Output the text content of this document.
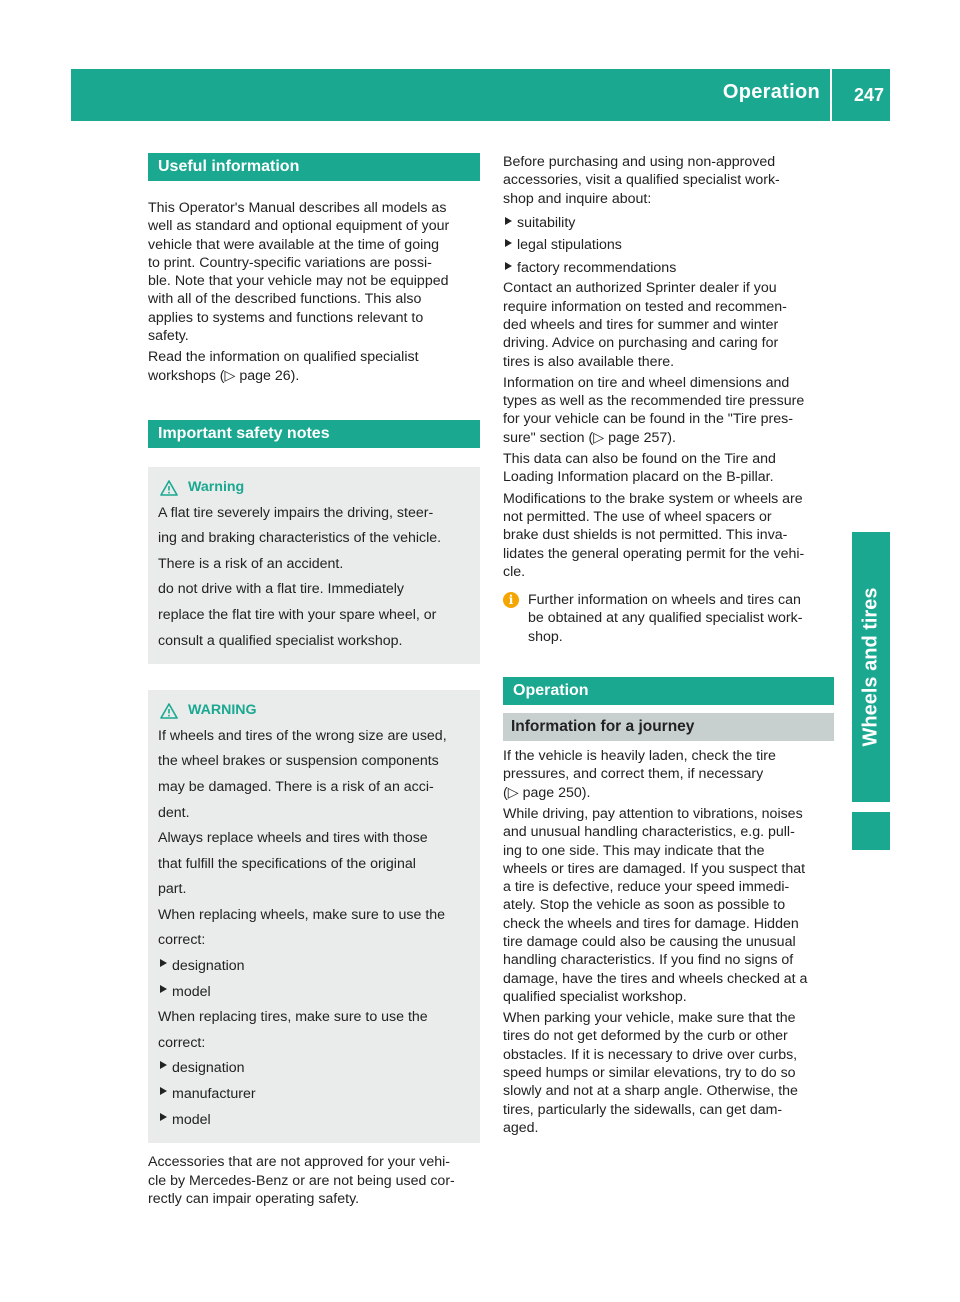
Operation 247
Wheels and tires
Useful information

This Operator's Manual describes all models as
well as standard and optional equipment of your
vehicle that were available at the time of going
to print. Country-specific variations are possi-
ble. Note that your vehicle may not be equipped
with all of the described functions. This also
applies to systems and functions relevant to
safety.

Read the information on qualified specialist
workshops (▷ page 26).

Important safety notes
Warning
A flat tire severely impairs the driving, steer-
ing and braking characteristics of the vehicle.
There is a risk of an accident.
do not drive with a flat tire. Immediately
replace the flat tire with your spare wheel, or
consult a qualified specialist workshop.
WARNING
If wheels and tires of the wrong size are used,
the wheel brakes or suspension components
may be damaged. There is a risk of an acci-
dent.
Always replace wheels and tires with those
that fulfill the specifications of the original
part.
When replacing wheels, make sure to use the
correct:
designation
model
When replacing tires, make sure to use the
correct:
designation
manufacturer
model

Accessories that are not approved for your vehi-
cle by Mercedes-Benz or are not being used cor-
rectly can impair operating safety.

Before purchasing and using non-approved
accessories, visit a qualified specialist work-
shop and inquire about:

suitability
legal stipulations
factory recommendations

Contact an authorized Sprinter dealer if you
require information on tested and recommen-
ded wheels and tires for summer and winter
driving. Advice on purchasing and caring for
tires is also available there.

Information on tire and wheel dimensions and
types as well as the recommended tire pressure
for your vehicle can be found in the "Tire pres-
sure" section (▷ page 257).

This data can also be found on the Tire and
Loading Information placard on the B-pillar.

Modifications to the brake system or wheels are
not permitted. The use of wheel spacers or
brake dust shields is not permitted. This inva-
lidates the general operating permit for the vehi-
cle.

i	Further information on wheels and tires can
be obtained at any qualified specialist work-
shop.
Operation
Information for a journey

If the vehicle is heavily laden, check the tire
pressures, and correct them, if necessary
(▷ page 250).

While driving, pay attention to vibrations, noises
and unusual handling characteristics, e.g. pull-
ing to one side. This may indicate that the
wheels or tires are damaged. If you suspect that
a tire is defective, reduce your speed immedi-
ately. Stop the vehicle as soon as possible to
check the wheels and tires for damage. Hidden
tire damage could also be causing the unusual
handling characteristics. If you find no signs of
damage, have the tires and wheels checked at a
qualified specialist workshop.

When parking your vehicle, make sure that the
tires do not get deformed by the curb or other
obstacles. If it is necessary to drive over curbs,
speed humps or similar elevations, try to do so
slowly and not at a sharp angle. Otherwise, the
tires, particularly the sidewalls, can get dam-
aged.
